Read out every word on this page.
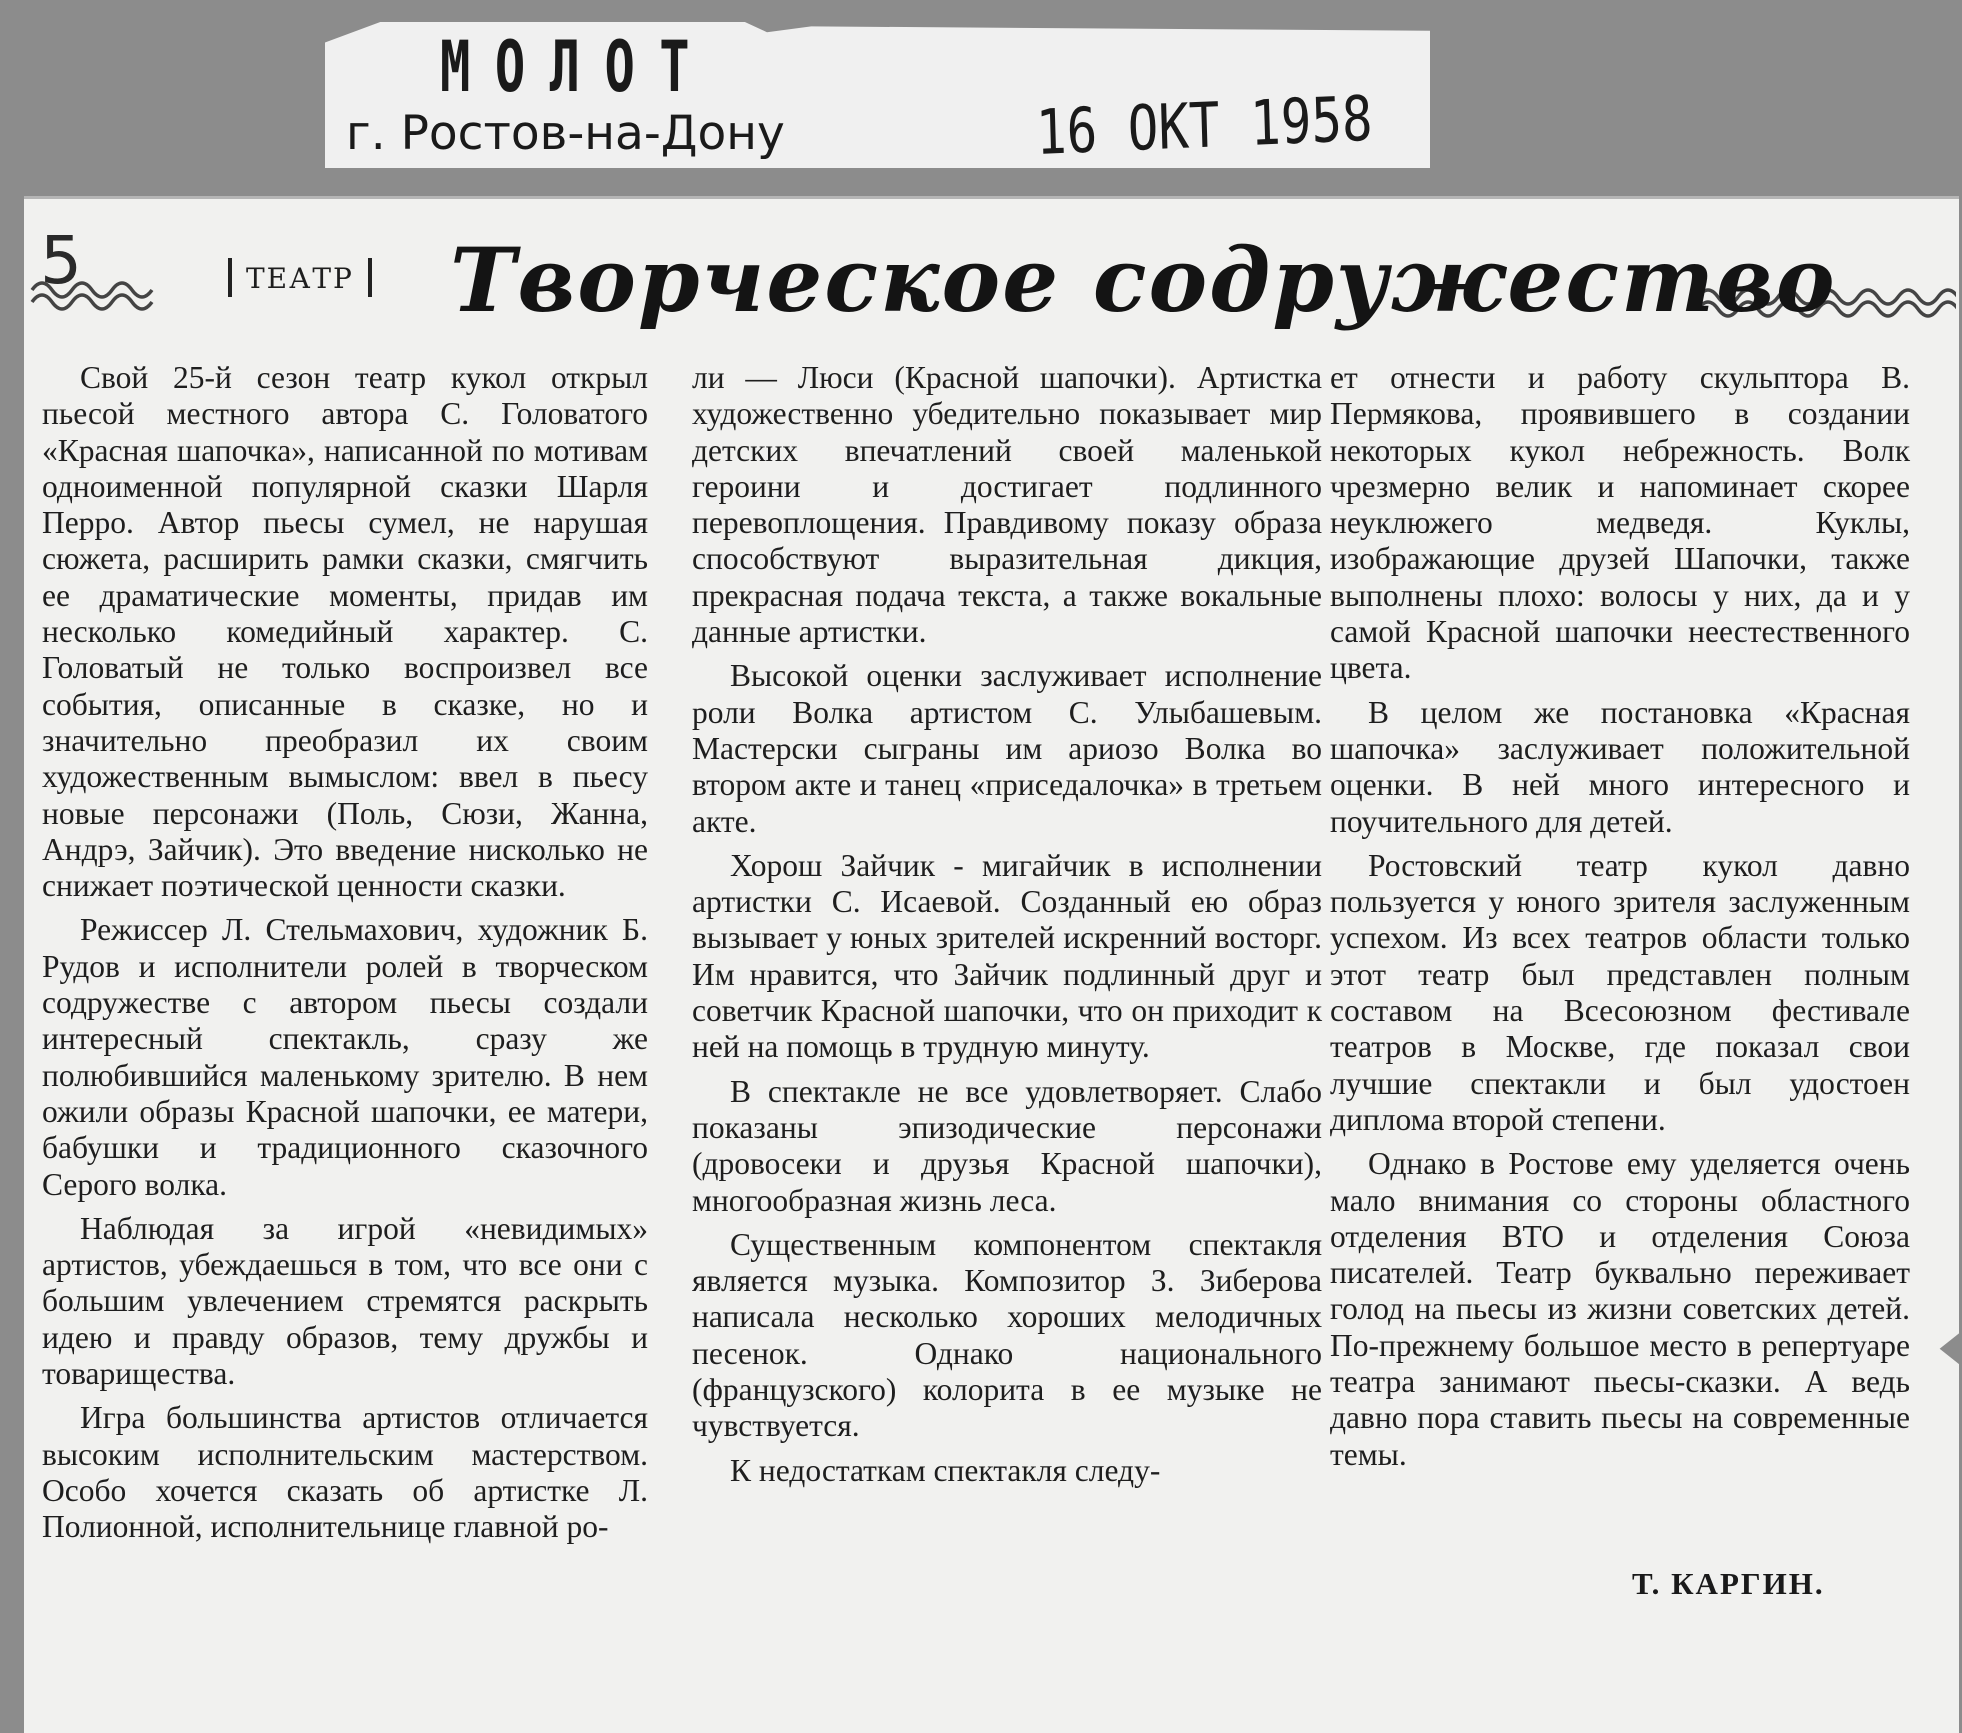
МОЛОТ
г. Ростов-на-Дону	16 ОКТ 1958
5	ТЕАТР Творческое содружество

Свой 25-й сезон театр кукол открыл пьесой местного автора С. Головатого «Красная шапочка», написанной по мотивам одноименной популярной сказки Шарля Перро. Автор пьесы сумел, не нарушая сюжета, расширить рамки сказки, смягчить ее драматические моменты, придав им несколько комедийный характер. С. Головатый не только воспроизвел все события, описанные в сказке, но и значительно преобразил их своим художественным вымыслом: ввел в пьесу новые персонажи (Поль, Сюзи, Жанна, Андрэ, Зайчик). Это введение нисколько не снижает поэтической ценности сказки.

Режиссер Л. Стельмахович, художник Б. Рудов и исполнители ролей в творческом содружестве с автором пьесы создали интересный спектакль, сразу же полюбившийся маленькому зрителю. В нем ожили образы Красной шапочки, ее матери, бабушки и традиционного сказочного Серого волка.

Наблюдая за игрой «невидимых» артистов, убеждаешься в том, что все они с большим увлечением стремятся раскрыть идею и правду образов, тему дружбы и товарищества.

Игра большинства артистов отличается высоким исполнительским мастерством. Особо хочется сказать об артистке Л. Полионной, исполнительнице главной ро-

ли — Люси (Красной шапочки). Артистка художественно убедительно показывает мир детских впечатлений своей маленькой героини и достигает подлинного перевоплощения. Правдивому показу образа способствуют выразительная дикция, прекрасная подача текста, а также вокальные данные артистки.

Высокой оценки заслуживает исполнение роли Волка артистом С. Улыбашевым. Мастерски сыграны им ариозо Волка во втором акте и танец «приседалочка» в третьем акте.

Хорош Зайчик - мигайчик в исполнении артистки С. Исаевой. Созданный ею образ вызывает у юных зрителей искренний восторг. Им нравится, что Зайчик подлинный друг и советчик Красной шапочки, что он приходит к ней на помощь в трудную минуту.

В спектакле не все удовлетворяет. Слабо показаны эпизодические персонажи (дровосеки и друзья Красной шапочки), многообразная жизнь леса.

Существенным компонентом спектакля является музыка. Композитор З. Зиберова написала несколько хороших мелодичных песенок. Однако национального (французского) колорита в ее музыке не чувствуется.

К недостаткам спектакля следу-

ет отнести и работу скульптора В. Пермякова, проявившего в создании некоторых кукол небрежность. Волк чрезмерно велик и напоминает скорее неуклюжего медведя. Куклы, изображающие друзей Шапочки, также выполнены плохо: волосы у них, да и у самой Красной шапочки неестественного цвета.

В целом же постановка «Красная шапочка» заслуживает положительной оценки. В ней много интересного и поучительного для детей.

Ростовский театр кукол давно пользуется у юного зрителя заслуженным успехом. Из всех театров области только этот театр был представлен полным составом на Всесоюзном фестивале театров в Москве, где показал свои лучшие спектакли и был удостоен диплома второй степени.

Однако в Ростове ему уделяется очень мало внимания со стороны областного отделения ВТО и отделения Союза писателей. Театр буквально переживает голод на пьесы из жизни советских детей. По-прежнему большое место в репертуаре театра занимают пьесы-сказки. А ведь давно пора ставить пьесы на современные темы.

Т. КАРГИН.
